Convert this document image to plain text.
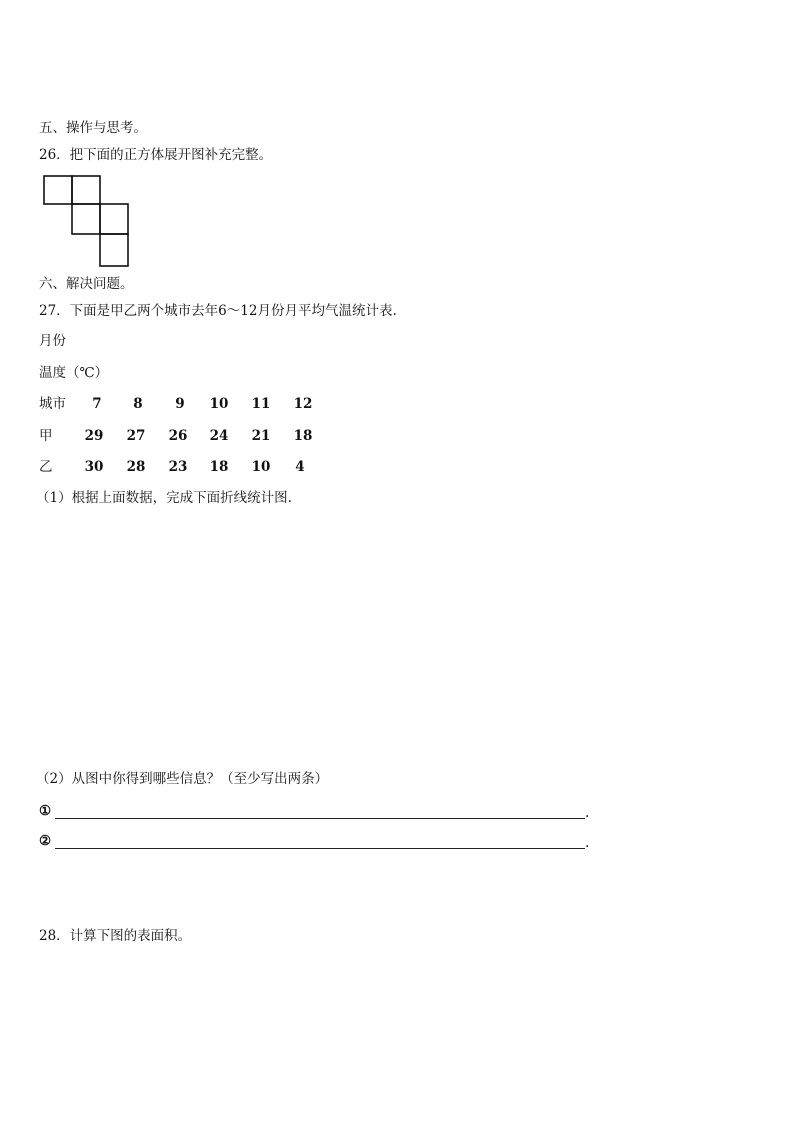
五、操作与思考。
26．把下面的正方体展开图补充完整。
六、解决问题。
27．下面是甲乙两个城市去年6～12月份月平均气温统计表.
月份
温度（℃）
城市	7	8	9	10	11	12
甲	29	27	26	24	21	18
乙	30	28	23	18	10	4
（1）根据上面数据，完成下面折线统计图.
（2）从图中你得到哪些信息？（至少写出两条）
①	.
②	.
28．计算下图的表面积。
